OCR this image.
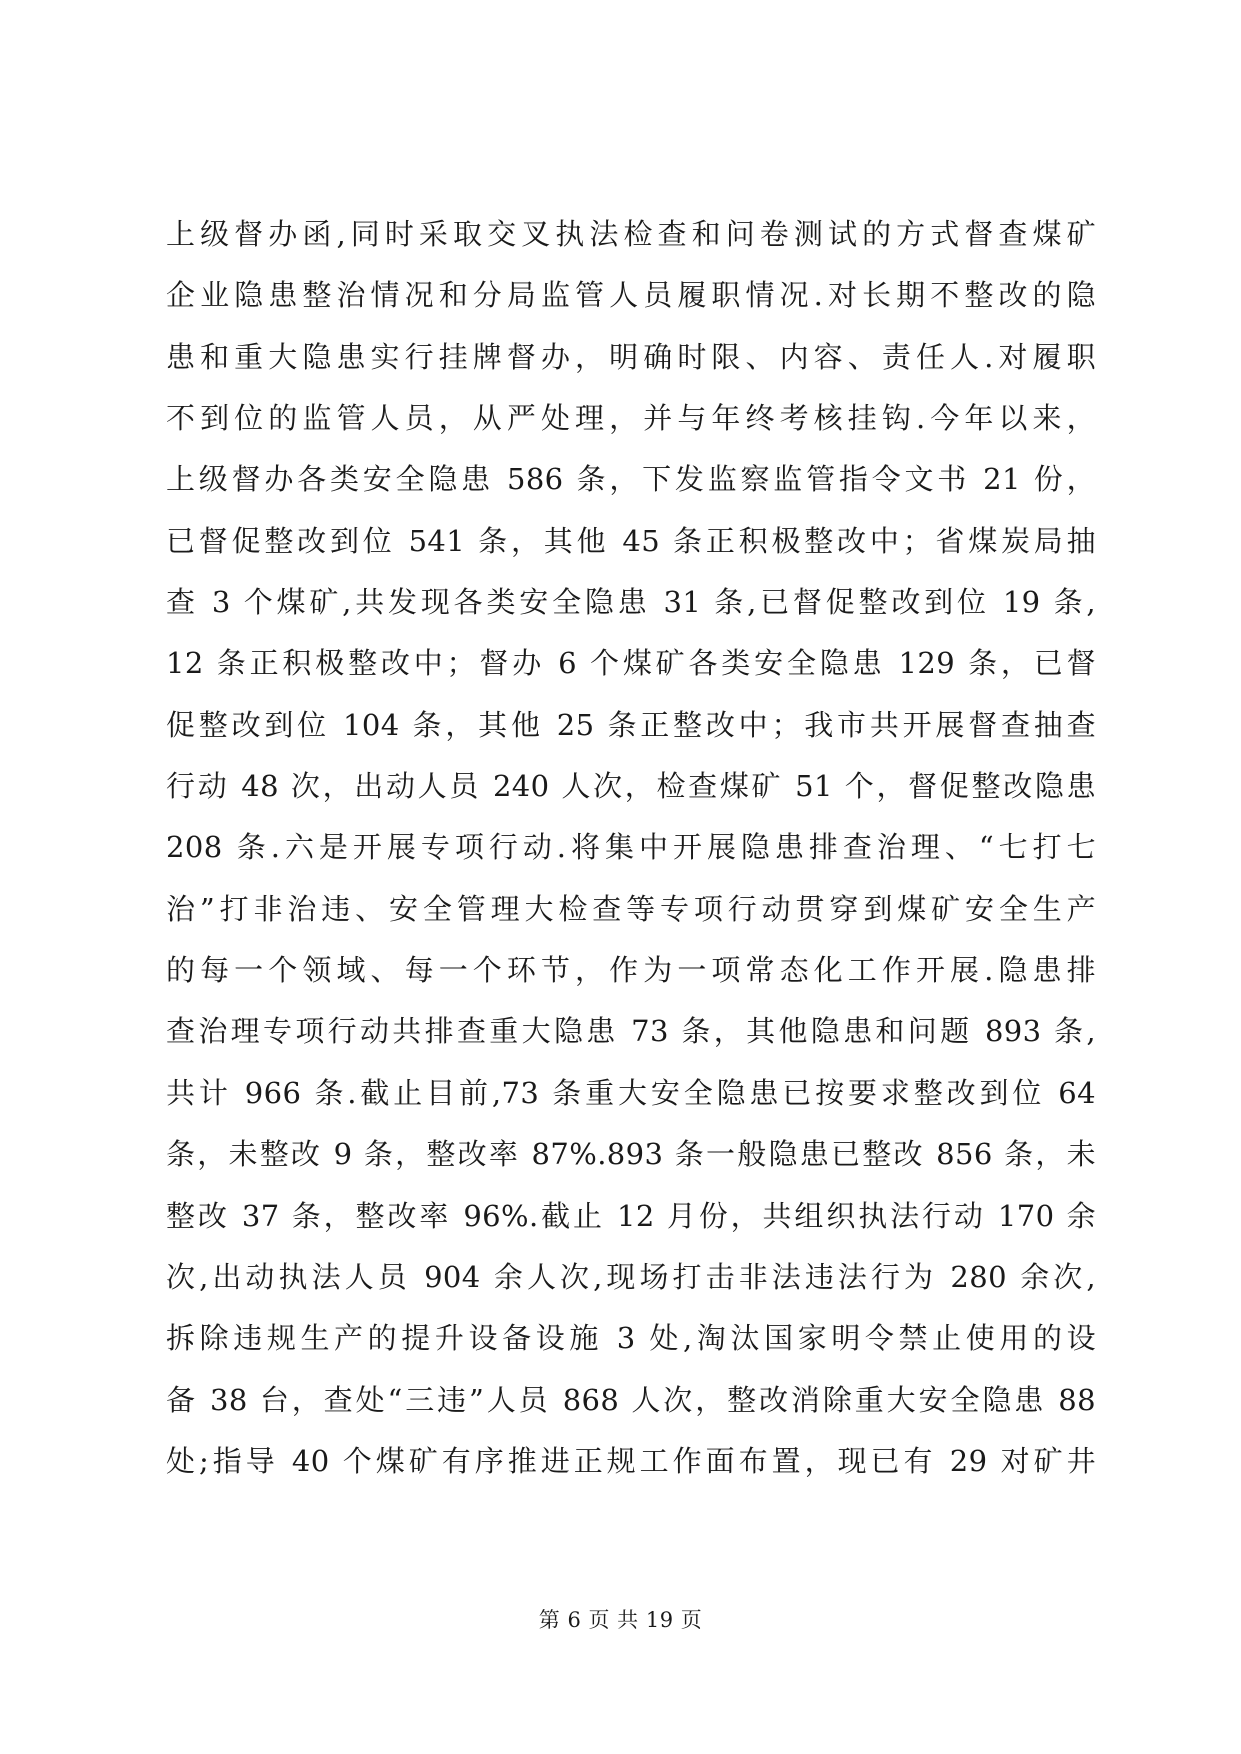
上级督办函,同时采取交叉执法检查和问卷测试的方式督查煤矿
企业隐患整治情况和分局监管人员履职情况.对长期不整改的隐
患和重大隐患实行挂牌督办，明确时限、内容、责任人.对履职
不到位的监管人员，从严处理，并与年终考核挂钩.今年以来，
上级督办各类安全隐患 586 条，下发监察监管指令文书 21 份，
已督促整改到位 541 条，其他 45 条正积极整改中；省煤炭局抽
查 3 个煤矿,共发现各类安全隐患 31 条,已督促整改到位 19 条,
12 条正积极整改中；督办 6 个煤矿各类安全隐患 129 条，已督
促整改到位 104 条，其他 25 条正整改中；我市共开展督查抽查
行动 48 次，出动人员 240 人次，检查煤矿 51 个，督促整改隐患
208 条.六是开展专项行动.将集中开展隐患排查治理、“七打七
治”打非治违、安全管理大检查等专项行动贯穿到煤矿安全生产
的每一个领域、每一个环节，作为一项常态化工作开展.隐患排
查治理专项行动共排查重大隐患 73 条，其他隐患和问题 893 条,
共计 966 条.截止目前,73 条重大安全隐患已按要求整改到位 64
条，未整改 9 条，整改率 87%.893 条一般隐患已整改 856 条，未
整改 37 条，整改率 96%.截止 12 月份，共组织执法行动 170 余
次,出动执法人员 904 余人次,现场打击非法违法行为 280 余次,
拆除违规生产的提升设备设施 3 处,淘汰国家明令禁止使用的设
备 38 台，查处“三违”人员 868 人次，整改消除重大安全隐患 88
处;指导 40 个煤矿有序推进正规工作面布置，现已有 29 对矿井
第 6 页 共 19 页
